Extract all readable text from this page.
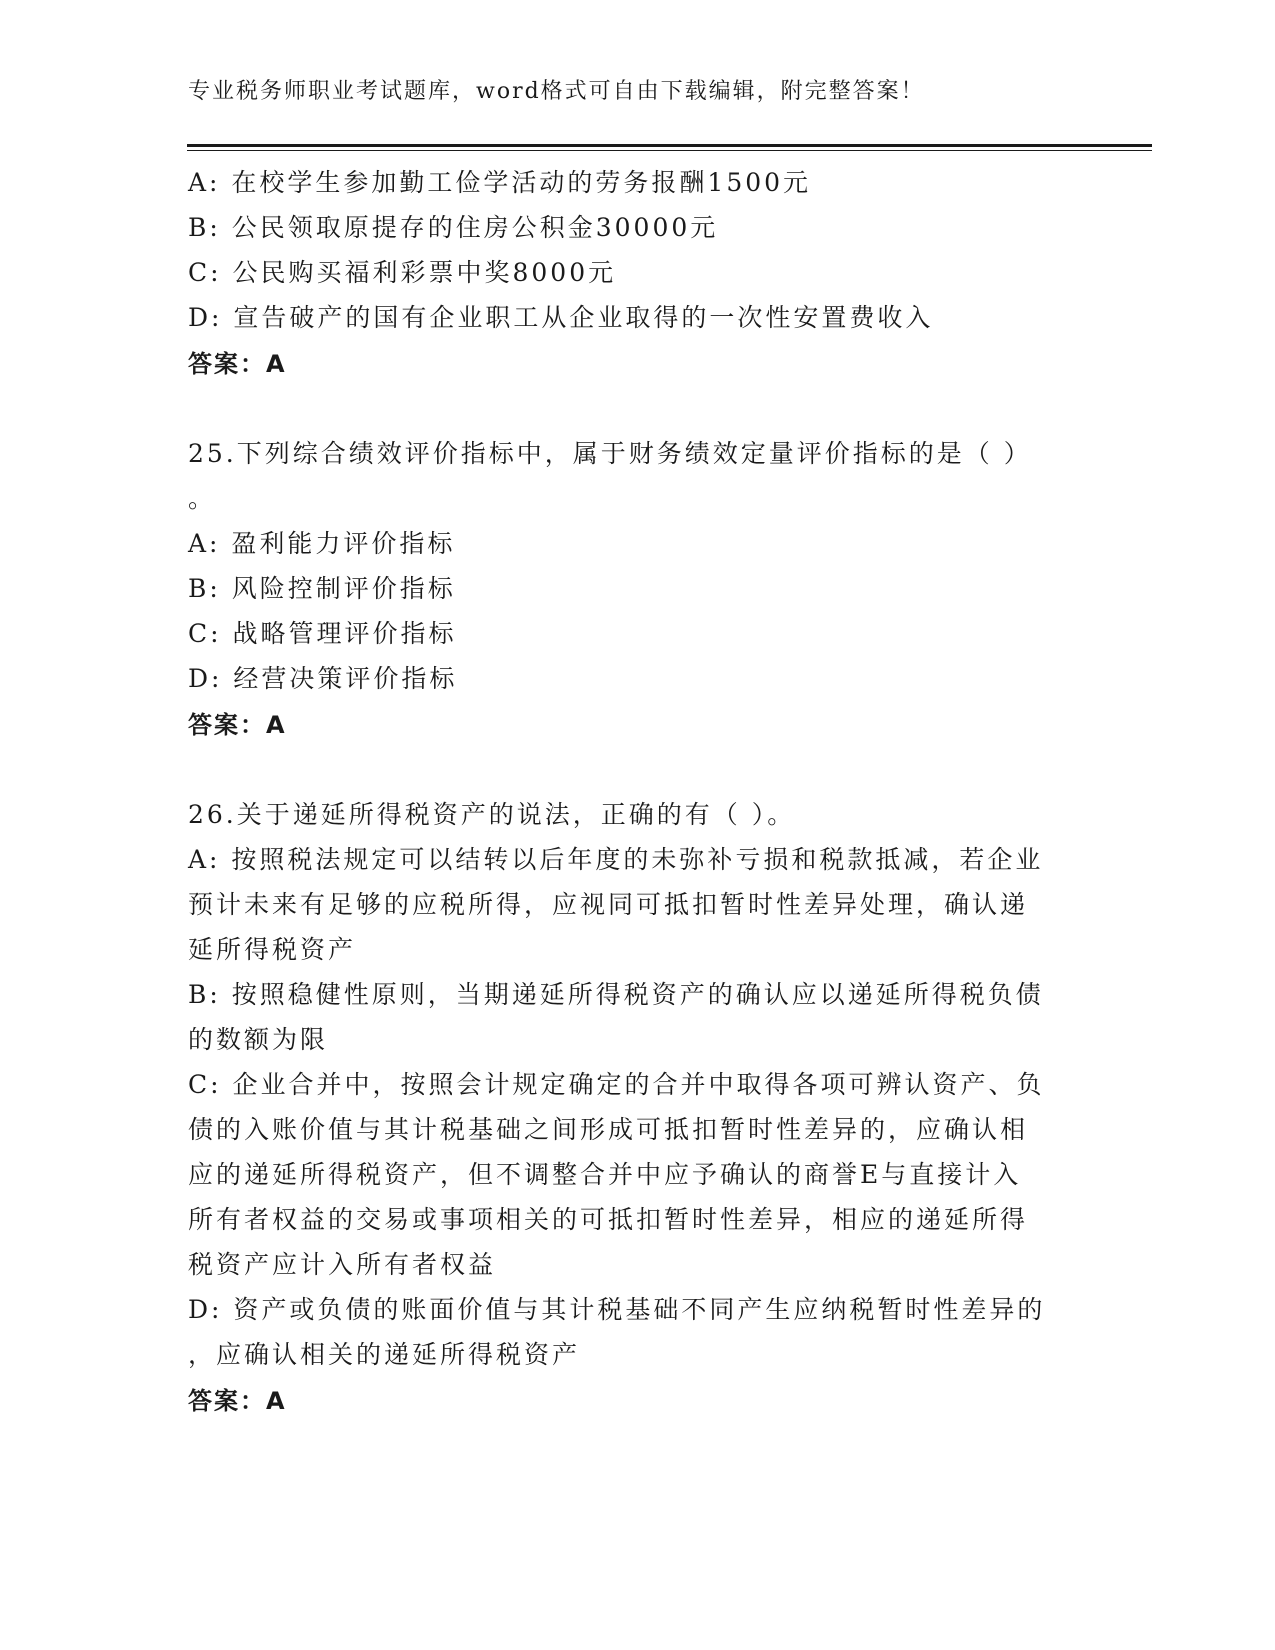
专业税务师职业考试题库，word格式可自由下载编辑，附完整答案！
A: 在校学生参加勤工俭学活动的劳务报酬1500元
B: 公民领取原提存的住房公积金30000元
C: 公民购买福利彩票中奖8000元
D: 宣告破产的国有企业职工从企业取得的一次性安置费收入
答案：A
25.下列综合绩效评价指标中，属于财务绩效定量评价指标的是（ ）
。
A: 盈利能力评价指标
B: 风险控制评价指标
C: 战略管理评价指标
D: 经营决策评价指标
答案：A
26.关于递延所得税资产的说法，正确的有（ ）。
A: 按照税法规定可以结转以后年度的未弥补亏损和税款抵减，若企业
预计未来有足够的应税所得，应视同可抵扣暂时性差异处理，确认递
延所得税资产
B: 按照稳健性原则，当期递延所得税资产的确认应以递延所得税负债
的数额为限
C: 企业合并中，按照会计规定确定的合并中取得各项可辨认资产、负
债的入账价值与其计税基础之间形成可抵扣暂时性差异的，应确认相
应的递延所得税资产，但不调整合并中应予确认的商誉E与直接计入
所有者权益的交易或事项相关的可抵扣暂时性差异，相应的递延所得
税资产应计入所有者权益
D: 资产或负债的账面价值与其计税基础不同产生应纳税暂时性差异的
，应确认相关的递延所得税资产
答案：A
